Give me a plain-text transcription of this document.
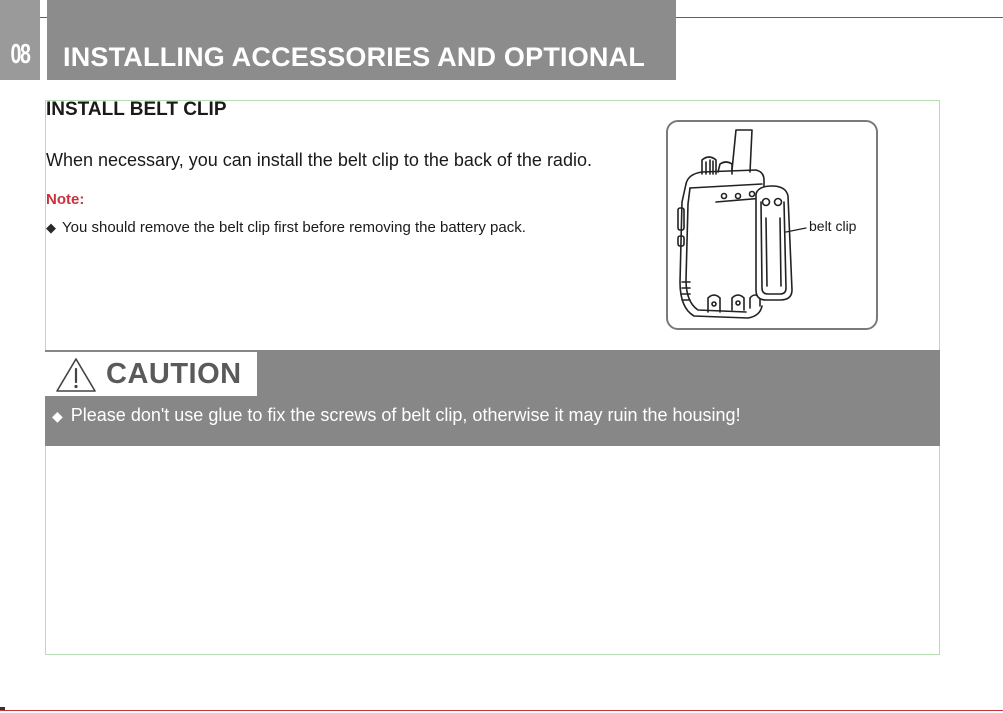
08 INSTALLING ACCESSORIES AND OPTIONAL
INSTALL BELT CLIP
When necessary, you can install the belt clip to the back of the radio.
Note:
◆ You should remove the belt clip first before removing the battery pack.	belt clip
CAUTION
◆ Please don't use glue to fix the screws of belt clip, otherwise it may ruin the housing!
